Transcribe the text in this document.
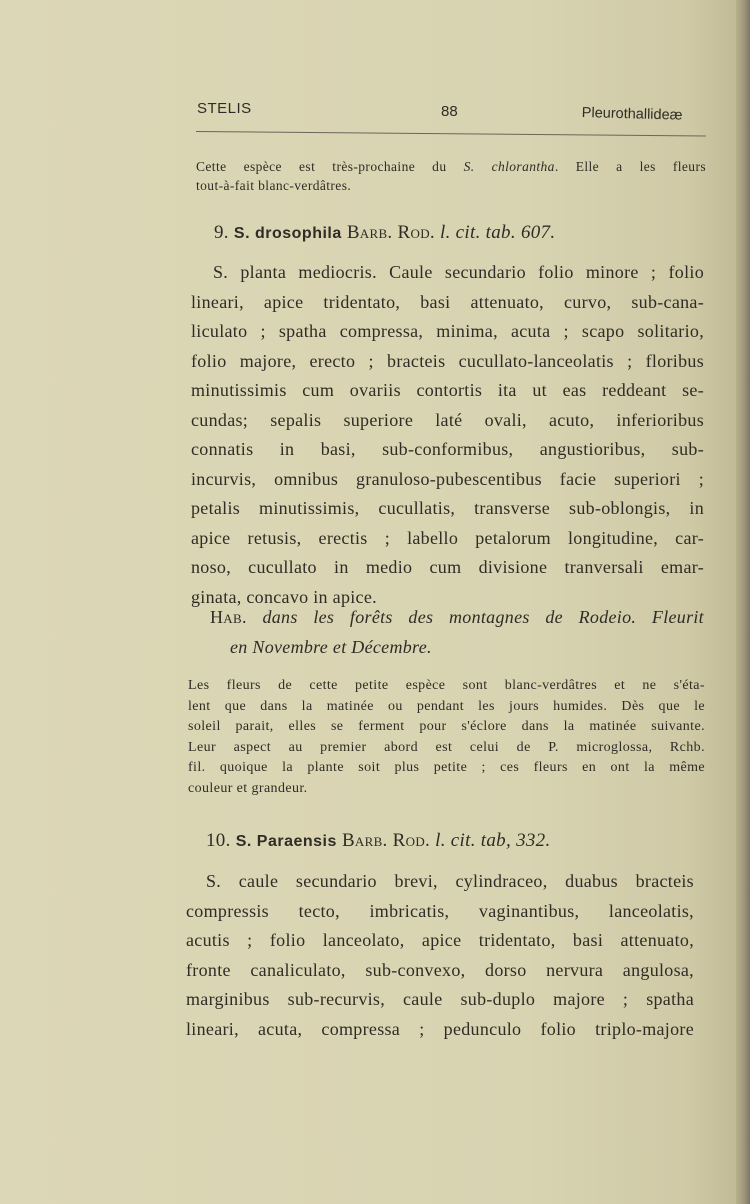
STELIS	88	Pleurothallideæ
Cette espèce est très-prochaine du S. chlorantha. Elle a les fleurs
tout-à-fait blanc-verdâtres.
9. S. drosophila Barb. Rod. l. cit. tab. 607.
S. planta mediocris. Caule secundario folio minore ; folio
lineari, apice tridentato, basi attenuato, curvo, sub-cana-
liculato ; spatha compressa, minima, acuta ; scapo solitario,
folio majore, erecto ; bracteis cucullato-lanceolatis ; floribus
minutissimis cum ovariis contortis ita ut eas reddeant se-
cundas; sepalis superiore laté ovali, acuto, inferioribus
connatis in basi, sub-conformibus, angustioribus, sub-
incurvis, omnibus granuloso-pubescentibus facie superiori ;
petalis minutissimis, cucullatis, transverse sub-oblongis, in
apice retusis, erectis ; labello petalorum longitudine, car-
noso, cucullato in medio cum divisione tranversali emar-
ginata, concavo in apice.
Hab. dans les forêts des montagnes de Rodeio. Fleurit
en Novembre et Décembre.
Les fleurs de cette petite espèce sont blanc-verdâtres et ne s'éta-
lent que dans la matinée ou pendant les jours humides. Dès que le
soleil parait, elles se ferment pour s'éclore dans la matinée suivante.
Leur aspect au premier abord est celui de P. microglossa, Rchb.
fil. quoique la plante soit plus petite ; ces fleurs en ont la même
couleur et grandeur.
10. S. Paraensis Barb. Rod. l. cit. tab, 332.
S. caule secundario brevi, cylindraceo, duabus bracteis
compressis tecto, imbricatis, vaginantibus, lanceolatis,
acutis ; folio lanceolato, apice tridentato, basi attenuato,
fronte canaliculato, sub-convexo, dorso nervura angulosa,
marginibus sub-recurvis, caule sub-duplo majore ; spatha
lineari, acuta, compressa ; pedunculo folio triplo-majore
